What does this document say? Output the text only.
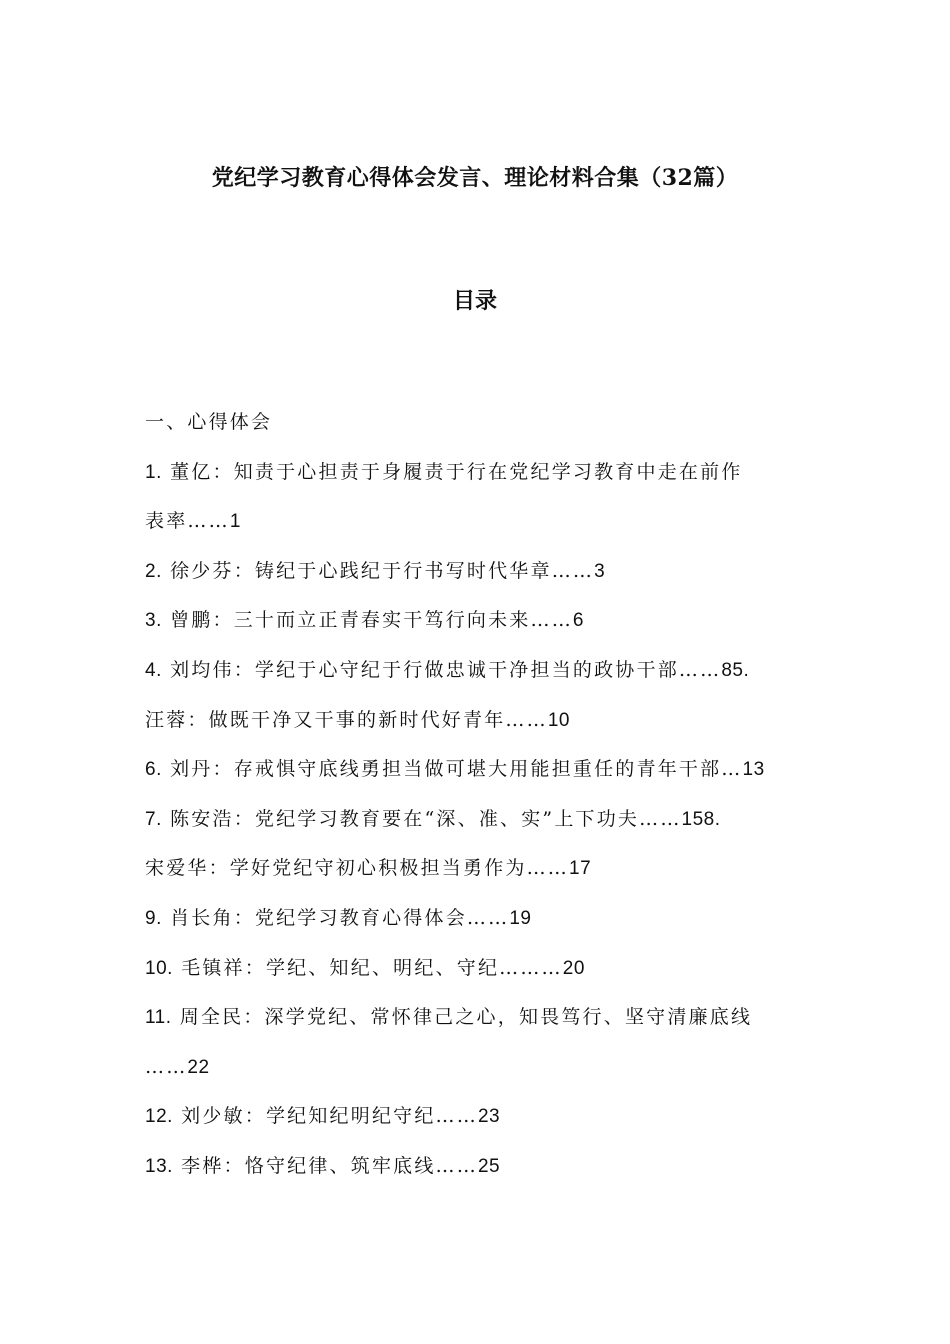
党纪学习教育心得体会发言、理论材料合集（32篇）
目录
一、心得体会
1. 董亿：知责于心担责于身履责于行在党纪学习教育中走在前作
表率……1
2. 徐少芬：铸纪于心践纪于行书写时代华章……3
3. 曾鹏：三十而立正青春实干笃行向未来……6
4. 刘均伟：学纪于心守纪于行做忠诚干净担当的政协干部……85.
汪蓉：做既干净又干事的新时代好青年……10
6. 刘丹：存戒惧守底线勇担当做可堪大用能担重任的青年干部…13
7. 陈安浩：党纪学习教育要在“深、准、实”上下功夫……158.
宋爱华：学好党纪守初心积极担当勇作为……17
9. 肖长角：党纪学习教育心得体会……19
10. 毛镇祥：学纪、知纪、明纪、守纪………20
11. 周全民：深学党纪、常怀律己之心，知畏笃行、坚守清廉底线
……22
12. 刘少敏：学纪知纪明纪守纪……23
13. 李桦：恪守纪律、筑牢底线……25
